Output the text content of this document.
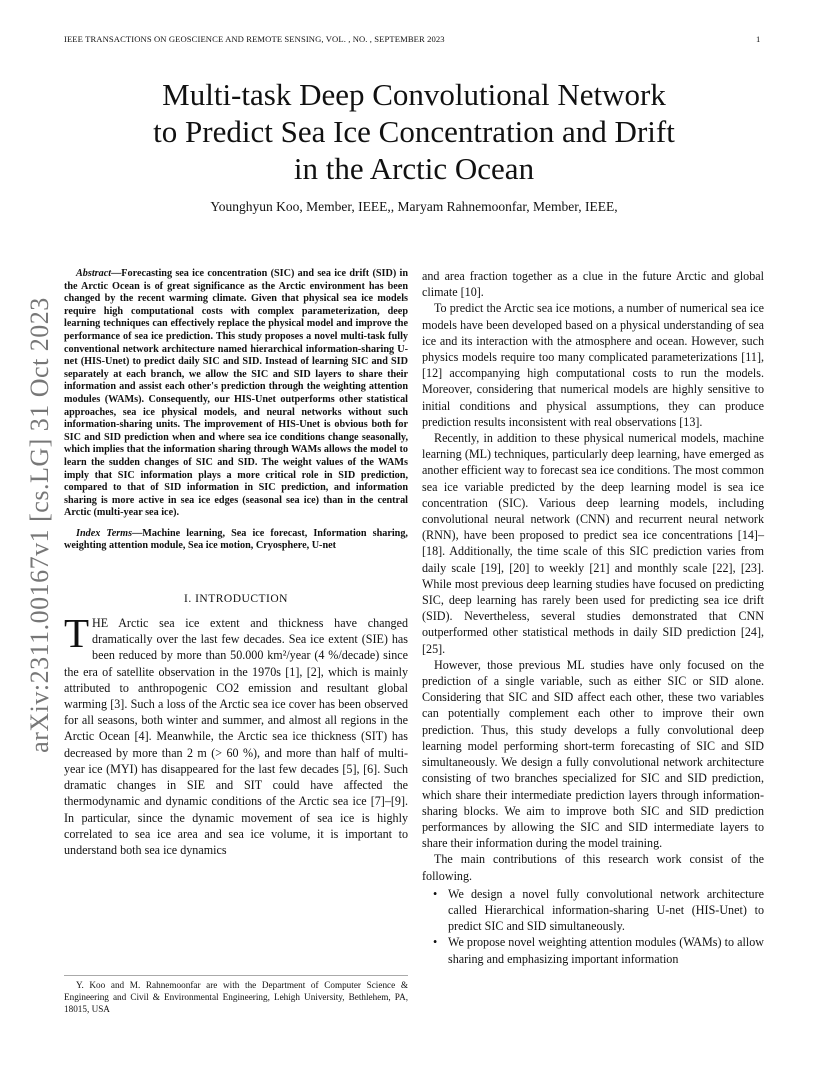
IEEE TRANSACTIONS ON GEOSCIENCE AND REMOTE SENSING, VOL. , NO. , SEPTEMBER 2023	1
Multi-task Deep Convolutional Network
to Predict Sea Ice Concentration and Drift
in the Arctic Ocean
Younghyun Koo, Member, IEEE,, Maryam Rahnemoonfar, Member, IEEE,
arXiv:2311.00167v1 [cs.LG] 31 Oct 2023

Abstract—Forecasting sea ice concentration (SIC) and sea ice drift (SID) in the Arctic Ocean is of great significance as the Arctic environment has been changed by the recent warming climate. Given that physical sea ice models require high computational costs with complex parameterization, deep learning techniques can effectively replace the physical model and improve the performance of sea ice prediction. This study proposes a novel multi-task fully conventional network architecture named hierarchical information-sharing U-net (HIS-Unet) to predict daily SIC and SID. Instead of learning SIC and SID separately at each branch, we allow the SIC and SID layers to share their information and assist each other's prediction through the weighting attention modules (WAMs). Consequently, our HIS-Unet outperforms other statistical approaches, sea ice physical models, and neural networks without such information-sharing units. The improvement of HIS-Unet is obvious both for SIC and SID prediction when and where sea ice conditions change seasonally, which implies that the information sharing through WAMs allows the model to learn the sudden changes of SIC and SID. The weight values of the WAMs imply that SIC information plays a more critical role in SID prediction, compared to that of SID information in SIC prediction, and information sharing is more active in sea ice edges (seasonal sea ice) than in the central Arctic (multi-year sea ice).

Index Terms—Machine learning, Sea ice forecast, Information sharing, weighting attention module, Sea ice motion, Cryosphere, U-net

I. INTRODUCTION

THE Arctic sea ice extent and thickness have changed dramatically over the last few decades. Sea ice extent (SIE) has been reduced by more than 50.000 km²/year (4 %/decade) since the era of satellite observation in the 1970s [1], [2], which is mainly attributed to anthropogenic CO2 emission and resultant global warming [3]. Such a loss of the Arctic sea ice cover has been observed for all seasons, both winter and summer, and almost all regions in the Arctic Ocean [4]. Meanwhile, the Arctic sea ice thickness (SIT) has decreased by more than 2 m (> 60 %), and more than half of multi-year ice (MYI) has disappeared for the last few decades [5], [6]. Such dramatic changes in SIE and SIT could have affected the thermodynamic and dynamic conditions of the Arctic sea ice [7]–[9]. In particular, since the dynamic movement of sea ice is highly correlated to sea ice area and sea ice volume, it is important to understand both sea ice dynamics

Y. Koo and M. Rahnemoonfar are with the Department of Computer Science & Engineering and Civil & Environmental Engineering, Lehigh University, Bethlehem, PA, 18015, USA

and area fraction together as a clue in the future Arctic and global climate [10].

To predict the Arctic sea ice motions, a number of numerical sea ice models have been developed based on a physical understanding of sea ice and its interaction with the atmosphere and ocean. However, such physics models require too many complicated parameterizations [11], [12] accompanying high computational costs to run the models. Moreover, considering that numerical models are highly sensitive to initial conditions and physical assumptions, they can produce prediction results inconsistent with real observations [13].

Recently, in addition to these physical numerical models, machine learning (ML) techniques, particularly deep learning, have emerged as another efficient way to forecast sea ice conditions. The most common sea ice variable predicted by the deep learning model is sea ice concentration (SIC). Various deep learning models, including convolutional neural network (CNN) and recurrent neural network (RNN), have been proposed to predict sea ice concentrations [14]–[18]. Additionally, the time scale of this SIC prediction varies from daily scale [19], [20] to weekly [21] and monthly scale [22], [23]. While most previous deep learning studies have focused on predicting SIC, deep learning has rarely been used for predicting sea ice drift (SID). Nevertheless, several studies demonstrated that CNN outperformed other statistical methods in daily SID prediction [24], [25].

However, those previous ML studies have only focused on the prediction of a single variable, such as either SIC or SID alone. Considering that SIC and SID affect each other, these two variables can potentially complement each other to improve their own prediction. Thus, this study develops a fully convolutional deep learning model performing short-term forecasting of SIC and SID simultaneously. We design a fully convolutional network architecture consisting of two branches specialized for SIC and SID prediction, which share their intermediate prediction layers through information-sharing blocks. We aim to improve both SIC and SID prediction performances by allowing the SIC and SID intermediate layers to share their information during the model training.

The main contributions of this research work consist of the following.

• We design a novel fully convolutional network architecture called Hierarchical information-sharing U-net (HIS-Unet) to predict SIC and SID simultaneously.
• We propose novel weighting attention modules (WAMs) to allow sharing and emphasizing important information
